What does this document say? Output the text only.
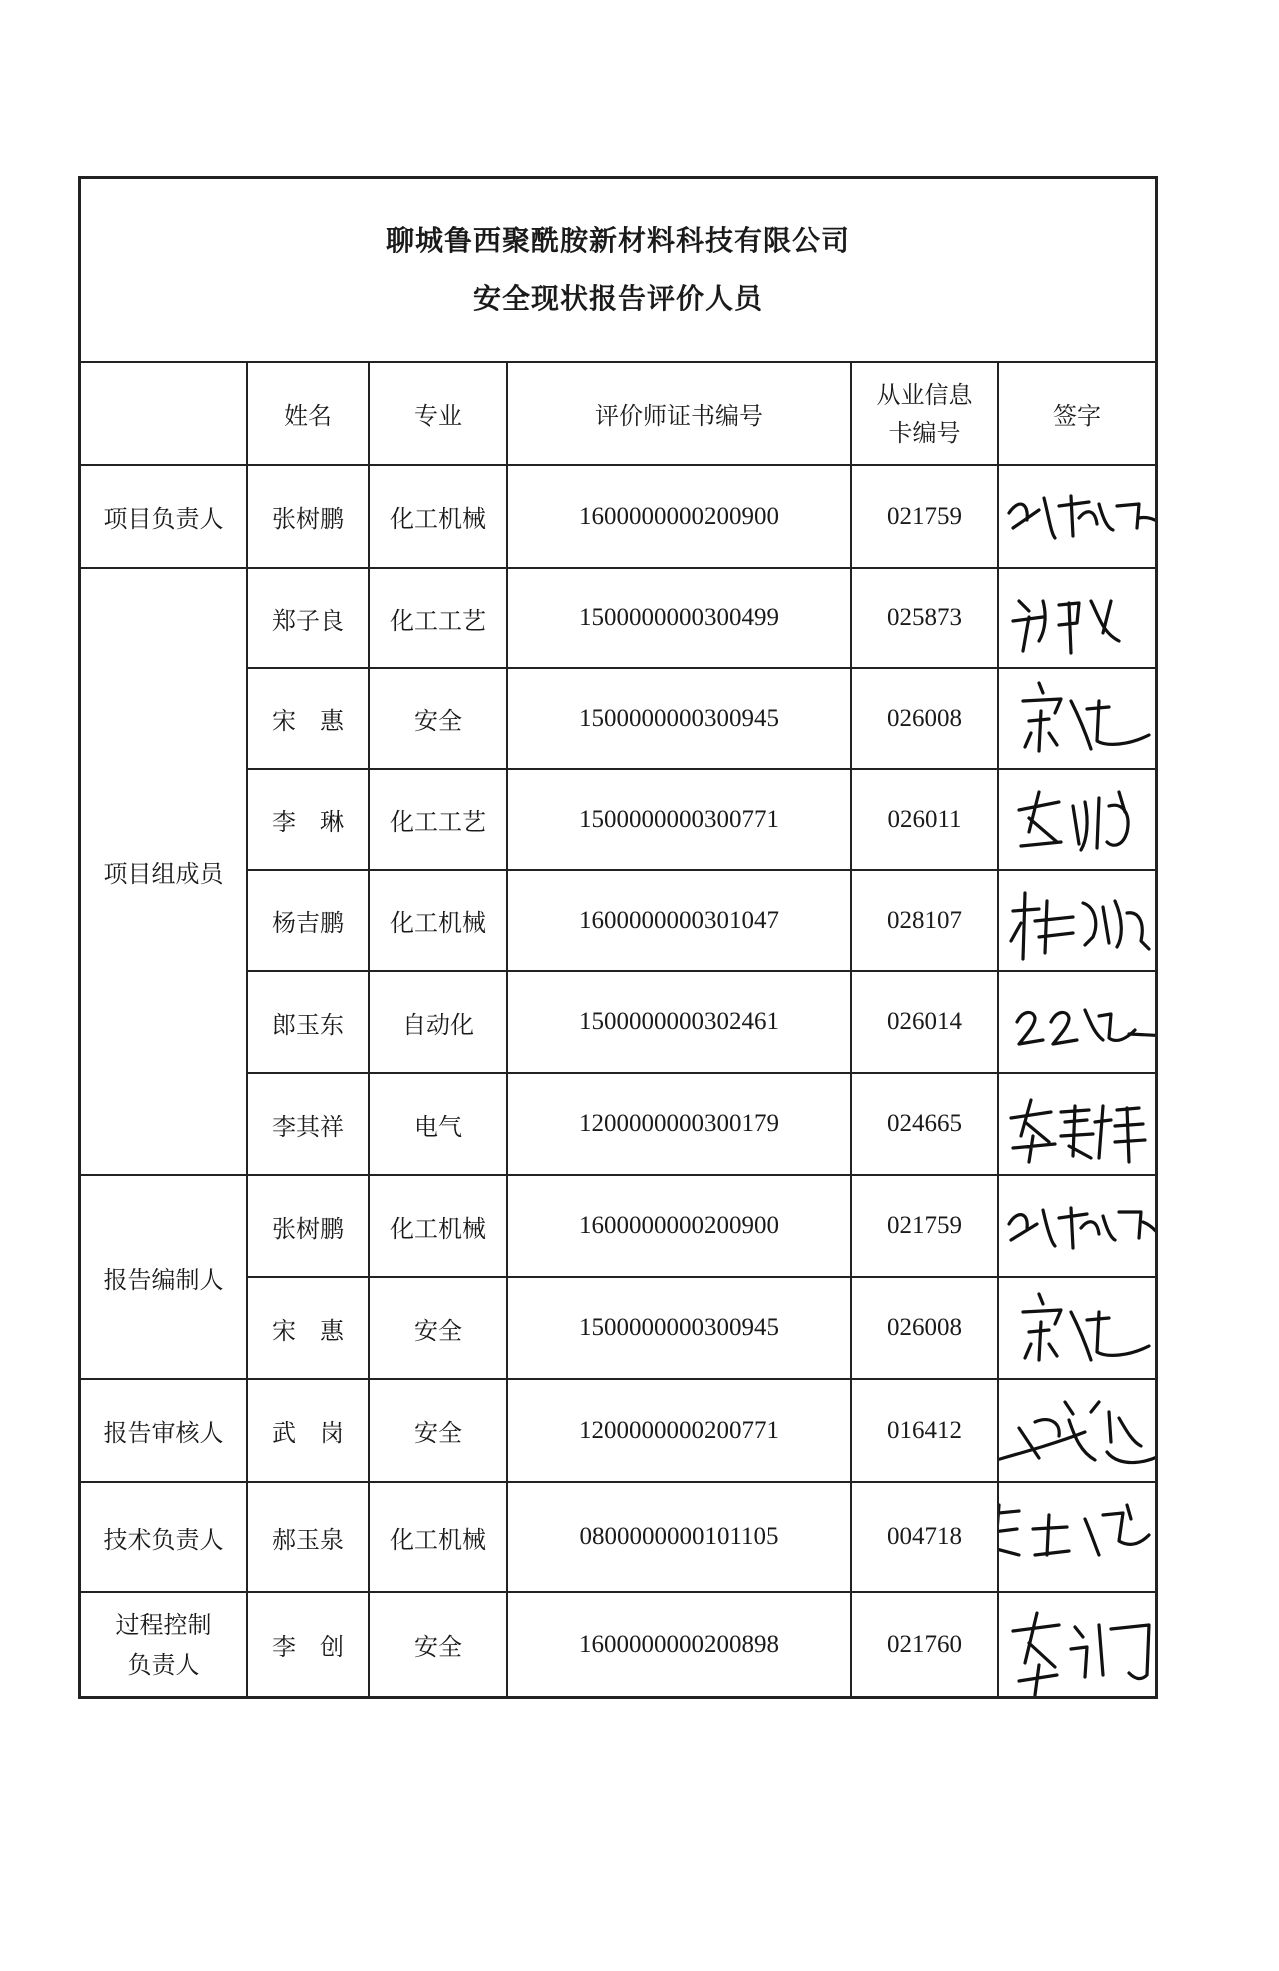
聊城鲁西聚酰胺新材料科技有限公司
安全现状报告评价人员
	姓名	专业	评价师证书编号	从业信息
卡编号	签字
项目负责人	张树鹏	化工机械	1600000000200900	021759	

项目组成员	郑子良	化工工艺	1500000000300499	025873	

	宋　惠	安全	1500000000300945	026008	

	李　琳	化工工艺	1500000000300771	026011	

	杨吉鹏	化工机械	1600000000301047	028107	

	郎玉东	自动化	1500000000302461	026014	

	李其祥	电气	1200000000300179	024665	

报告编制人	张树鹏	化工机械	1600000000200900	021759	

	宋　惠	安全	1500000000300945	026008	

报告审核人	武　岗	安全	1200000000200771	016412	

技术负责人	郝玉泉	化工机械	0800000000101105	004718	

过程控制
负责人	李　创	安全	1600000000200898	021760	
